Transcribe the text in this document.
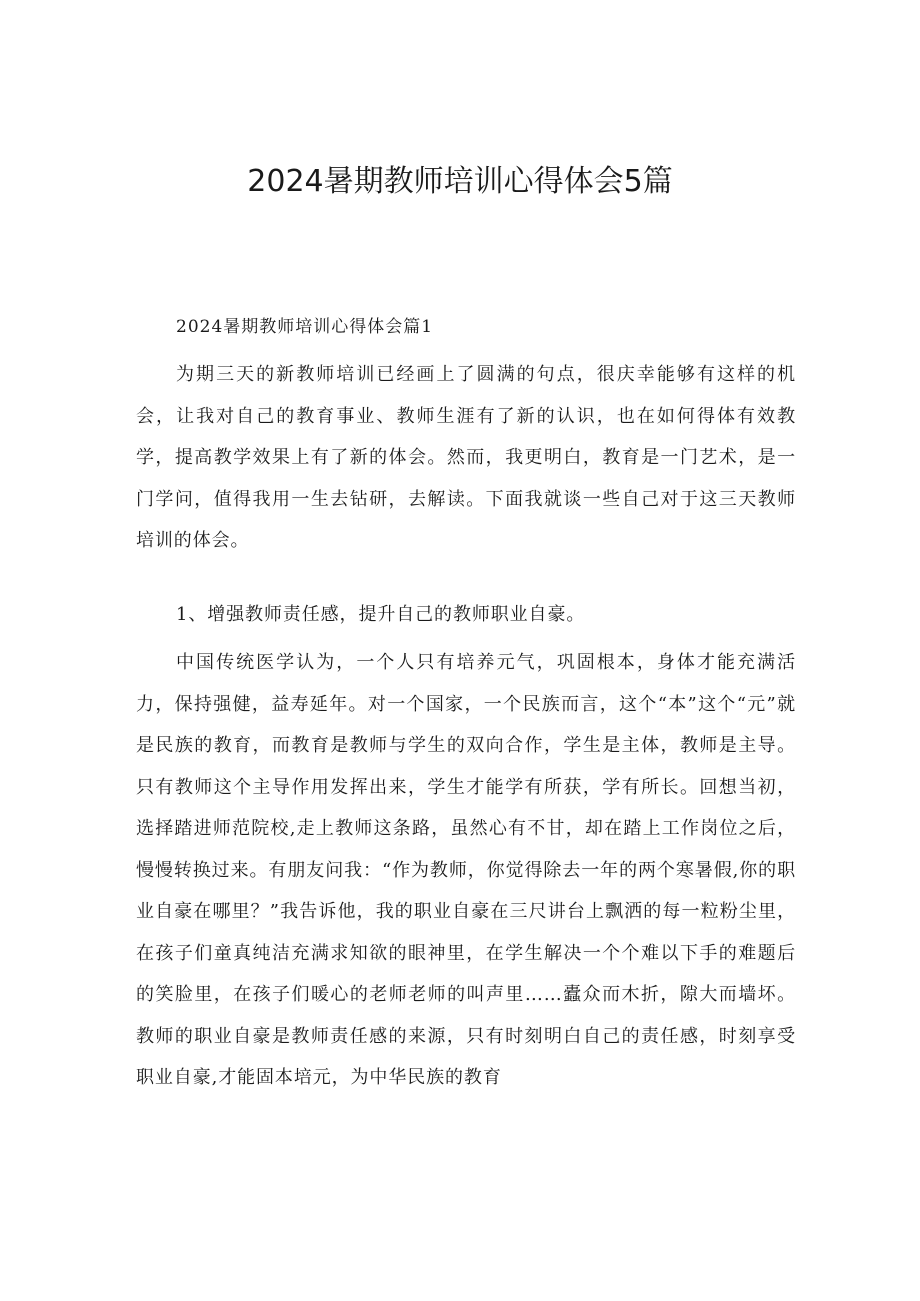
2024暑期教师培训心得体会5篇
2024暑期教师培训心得体会篇1

为期三天的新教师培训已经画上了圆满的句点，很庆幸能够有这样的机会，让我对自己的教育事业、教师生涯有了新的认识，也在如何得体有效教学，提高教学效果上有了新的体会。然而，我更明白，教育是一门艺术，是一门学问，值得我用一生去钻研，去解读。下面我就谈一些自己对于这三天教师培训的体会。

1、增强教师责任感，提升自己的教师职业自豪。

中国传统医学认为，一个人只有培养元气，巩固根本，身体才能充满活力，保持强健，益寿延年。对一个国家，一个民族而言，这个“本”这个“元”就是民族的教育，而教育是教师与学生的双向合作，学生是主体，教师是主导。只有教师这个主导作用发挥出来，学生才能学有所获，学有所长。回想当初，选择踏进师范院校,走上教师这条路，虽然心有不甘，却在踏上工作岗位之后，慢慢转换过来。有朋友问我：“作为教师，你觉得除去一年的两个寒暑假,你的职业自豪在哪里？”我告诉他，我的职业自豪在三尺讲台上飘洒的每一粒粉尘里，在孩子们童真纯洁充满求知欲的眼神里，在学生解决一个个难以下手的难题后的笑脸里，在孩子们暖心的老师老师的叫声里……蠹众而木折，隙大而墙坏。教师的职业自豪是教师责任感的来源，只有时刻明白自己的责任感，时刻享受职业自豪,才能固本培元，为中华民族的教育
